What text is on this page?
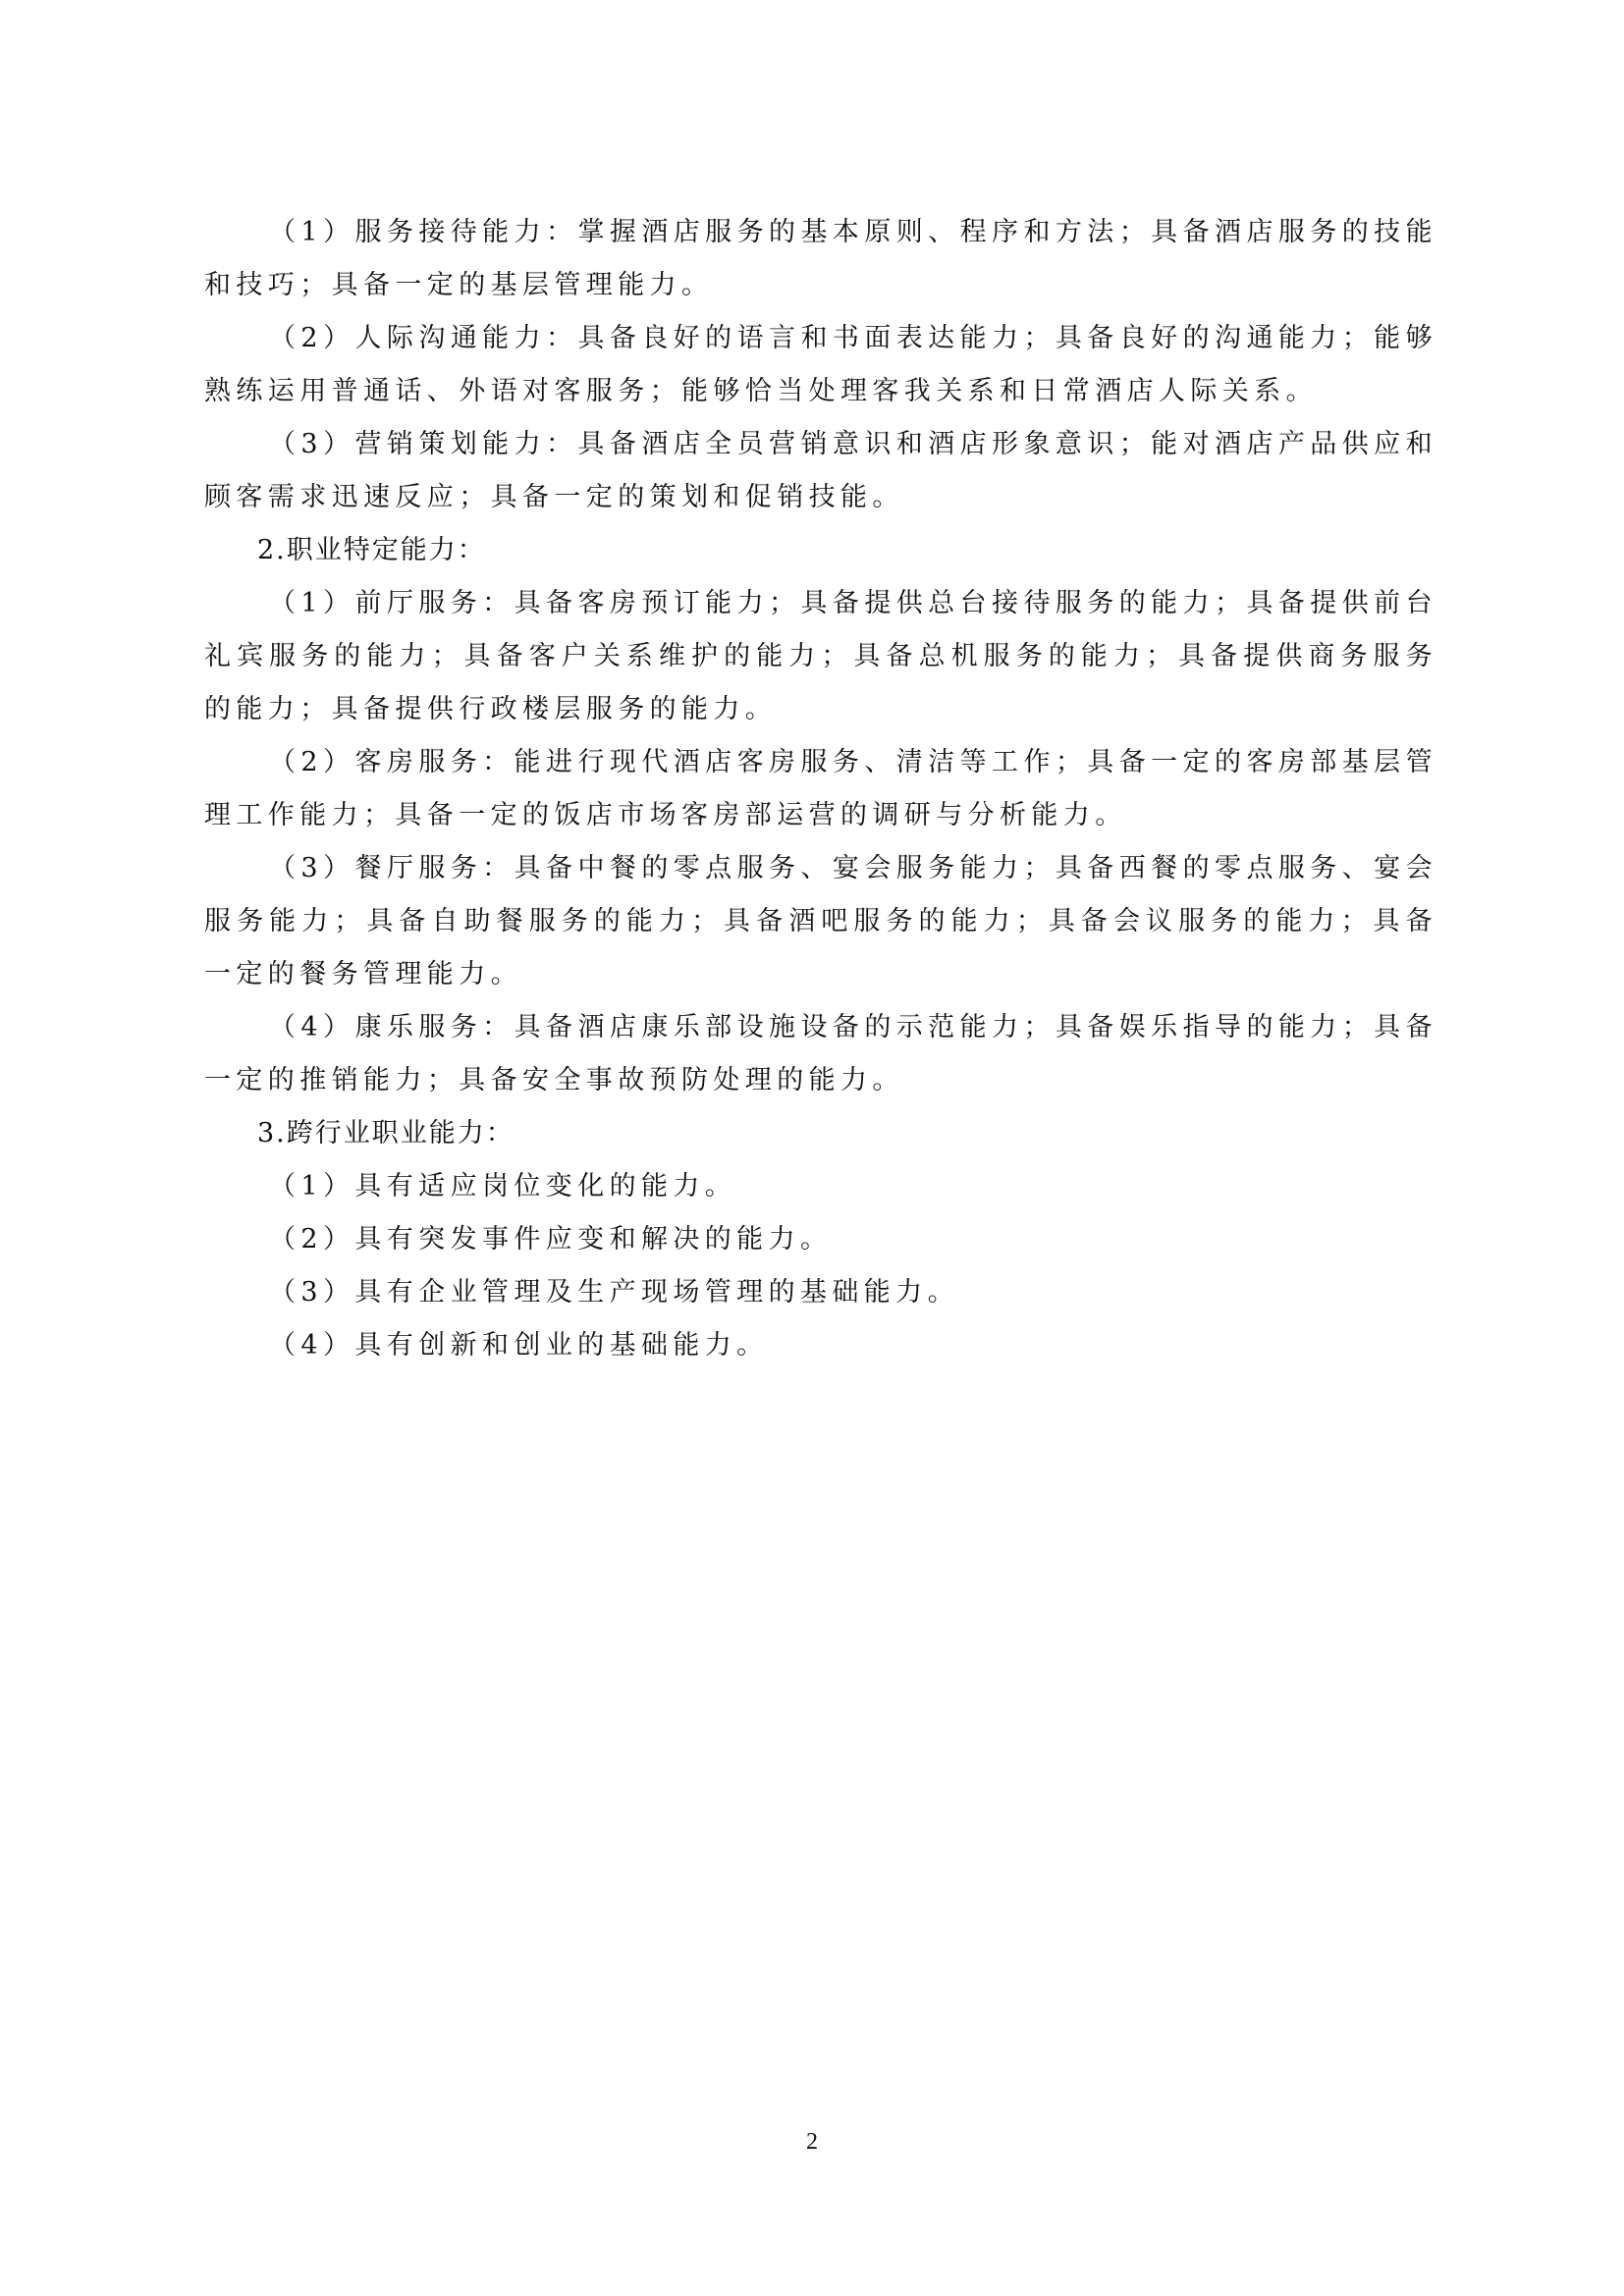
（1）服务接待能力：掌握酒店服务的基本原则、程序和方法；具备酒店服务的技能和技巧；具备一定的基层管理能力。

（2）人际沟通能力：具备良好的语言和书面表达能力；具备良好的沟通能力；能够熟练运用普通话、外语对客服务；能够恰当处理客我关系和日常酒店人际关系。

（3）营销策划能力：具备酒店全员营销意识和酒店形象意识；能对酒店产品供应和顾客需求迅速反应；具备一定的策划和促销技能。

2.职业特定能力：

（1）前厅服务：具备客房预订能力；具备提供总台接待服务的能力；具备提供前台礼宾服务的能力；具备客户关系维护的能力；具备总机服务的能力；具备提供商务服务的能力；具备提供行政楼层服务的能力。

（2）客房服务：能进行现代酒店客房服务、清洁等工作；具备一定的客房部基层管理工作能力；具备一定的饭店市场客房部运营的调研与分析能力。

（3）餐厅服务：具备中餐的零点服务、宴会服务能力；具备西餐的零点服务、宴会服务能力；具备自助餐服务的能力；具备酒吧服务的能力；具备会议服务的能力；具备一定的餐务管理能力。

（4）康乐服务：具备酒店康乐部设施设备的示范能力；具备娱乐指导的能力；具备一定的推销能力；具备安全事故预防处理的能力。

3.跨行业职业能力：

（1）具有适应岗位变化的能力。

（2）具有突发事件应变和解决的能力。

（3）具有企业管理及生产现场管理的基础能力。

（4）具有创新和创业的基础能力。

2
